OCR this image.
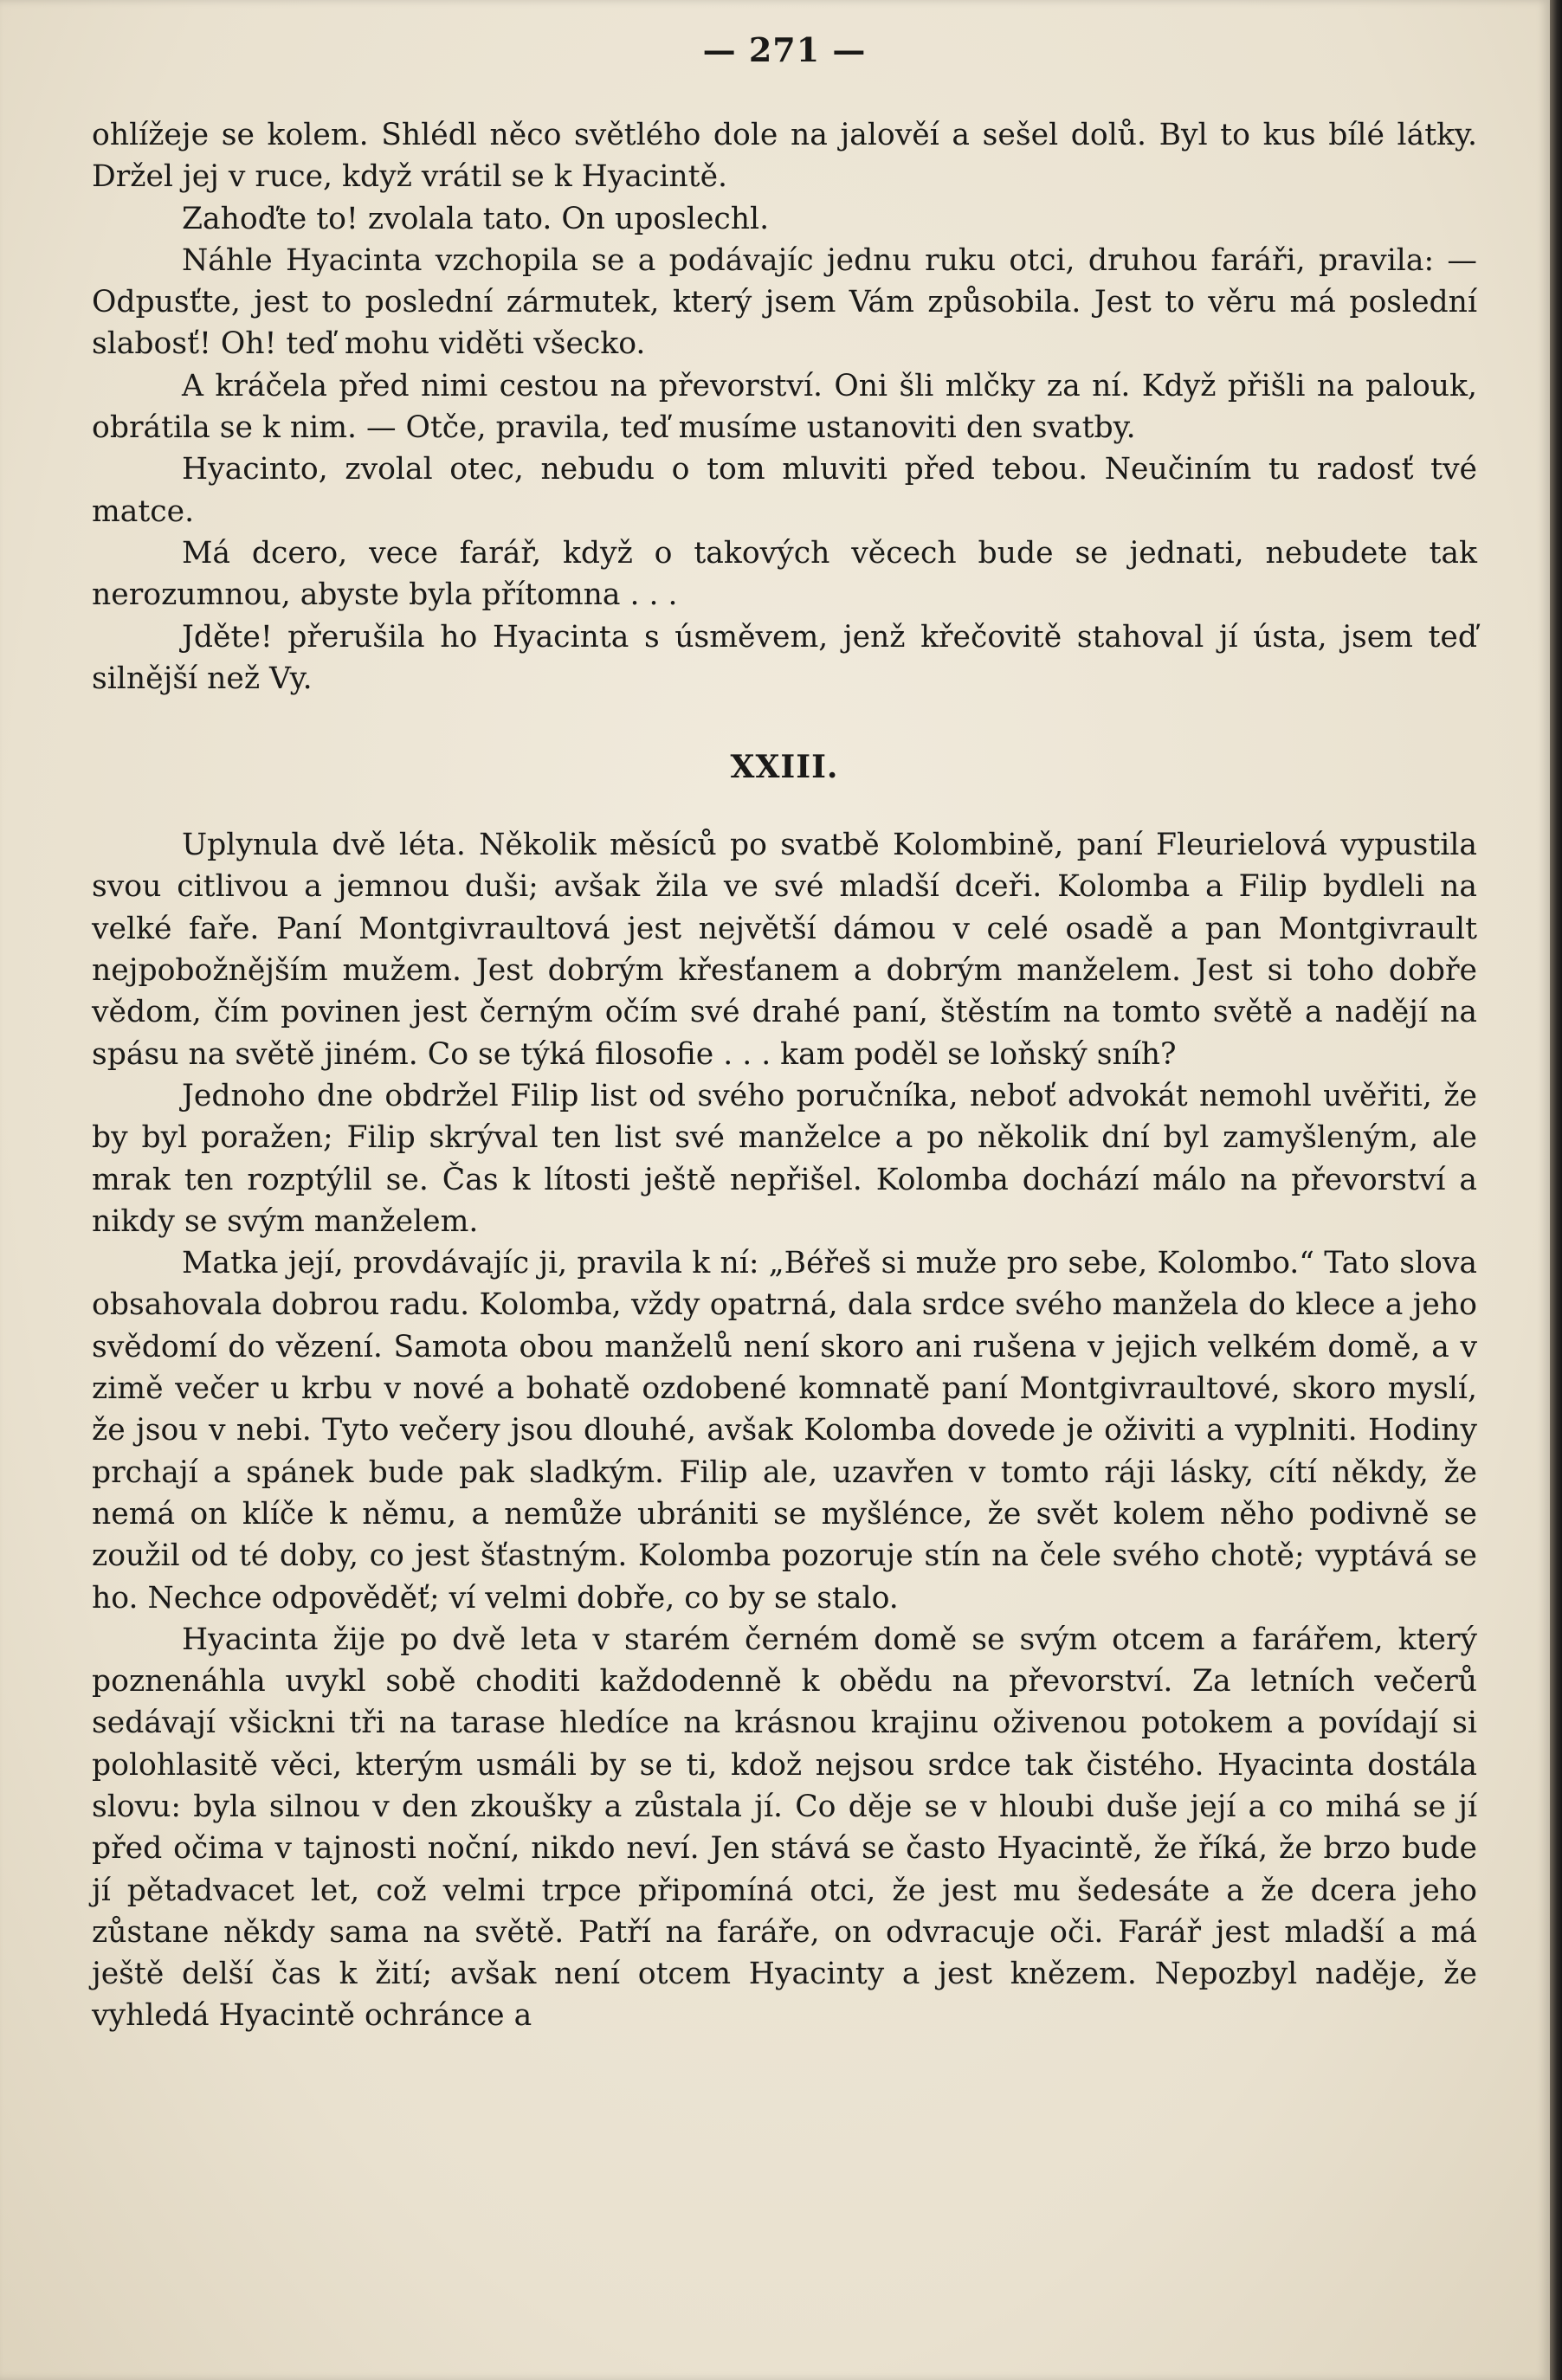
— 271 —

ohlížeje se kolem. Shlédl něco světlého dole na jalověí a sešel dolů. Byl to kus bílé látky. Držel jej v ruce, když vrátil se k Hyacintě.

Zahoďte to! zvolala tato. On uposlechl.

Náhle Hyacinta vzchopila se a podávajíc jednu ruku otci, druhou faráři, pravila: — Odpusťte, jest to poslední zármutek, který jsem Vám způsobila. Jest to věru má poslední slabosť! Oh! teď mohu viděti všecko.

A kráčela před nimi cestou na převorství. Oni šli mlčky za ní. Když přišli na palouk, obrátila se k nim. — Otče, pravila, teď musíme ustanoviti den svatby.

Hyacinto, zvolal otec, nebudu o tom mluviti před tebou. Neučiním tu radosť tvé matce.

Má dcero, vece farář, když o takových věcech bude se jednati, nebudete tak nerozumnou, abyste byla přítomna . . .

Jděte! přerušila ho Hyacinta s úsměvem, jenž křečovitě stahoval jí ústa, jsem teď silnější než Vy.

XXIII.

Uplynula dvě léta. Několik měsíců po svatbě Kolombině, paní Fleurielová vypustila svou citlivou a jemnou duši; avšak žila ve své mladší dceři. Kolomba a Filip bydleli na velké faře. Paní Montgivraultová jest největší dámou v celé osadě a pan Montgivrault nejpobožnějším mužem. Jest dobrým křesťanem a dobrým manželem. Jest si toho dobře vědom, čím povinen jest černým očím své drahé paní, štěstím na tomto světě a nadějí na spásu na světě jiném. Co se týká filosofie . . . kam poděl se loňský sníh?

Jednoho dne obdržel Filip list od svého poručníka, neboť advokát nemohl uvěřiti, že by byl poražen; Filip skrýval ten list své manželce a po několik dní byl zamyšleným, ale mrak ten rozptýlil se. Čas k lítosti ještě nepřišel. Kolomba dochází málo na převorství a nikdy se svým manželem.

Matka její, provdávajíc ji, pravila k ní: „Béřeš si muže pro sebe, Kolombo.“ Tato slova obsahovala dobrou radu. Kolomba, vždy opatrná, dala srdce svého manžela do klece a jeho svědomí do vězení. Samota obou manželů není skoro ani rušena v jejich velkém domě, a v zimě večer u krbu v nové a bohatě ozdobené komnatě paní Montgivraultové, skoro myslí, že jsou v nebi. Tyto večery jsou dlouhé, avšak Kolomba dovede je oživiti a vyplniti. Hodiny prchají a spánek bude pak sladkým. Filip ale, uzavřen v tomto ráji lásky, cítí někdy, že nemá on klíče k němu, a nemůže ubrániti se myšlénce, že svět kolem něho podivně se zoužil od té doby, co jest šťastným. Kolomba pozoruje stín na čele svého chotě; vyptává se ho. Nechce odpověděť; ví velmi dobře, co by se stalo.

Hyacinta žije po dvě leta v starém černém domě se svým otcem a farářem, který poznenáhla uvykl sobě choditi každodenně k obědu na převorství. Za letních večerů sedávají všickni tři na tarase hledíce na krásnou krajinu oživenou potokem a povídají si polohlasitě věci, kterým usmáli by se ti, kdož nejsou srdce tak čistého. Hyacinta dostála slovu: byla silnou v den zkoušky a zůstala jí. Co děje se v hloubi duše její a co mihá se jí před očima v tajnosti noční, nikdo neví. Jen stává se často Hyacintě, že říká, že brzo bude jí pětadvacet let, což velmi trpce připomíná otci, že jest mu šedesáte a že dcera jeho zůstane někdy sama na světě. Patří na faráře, on odvracuje oči. Farář jest mladší a má ještě delší čas k žití; avšak není otcem Hyacinty a jest knězem. Nepozbyl naděje, že vyhledá Hyacintě ochránce a
